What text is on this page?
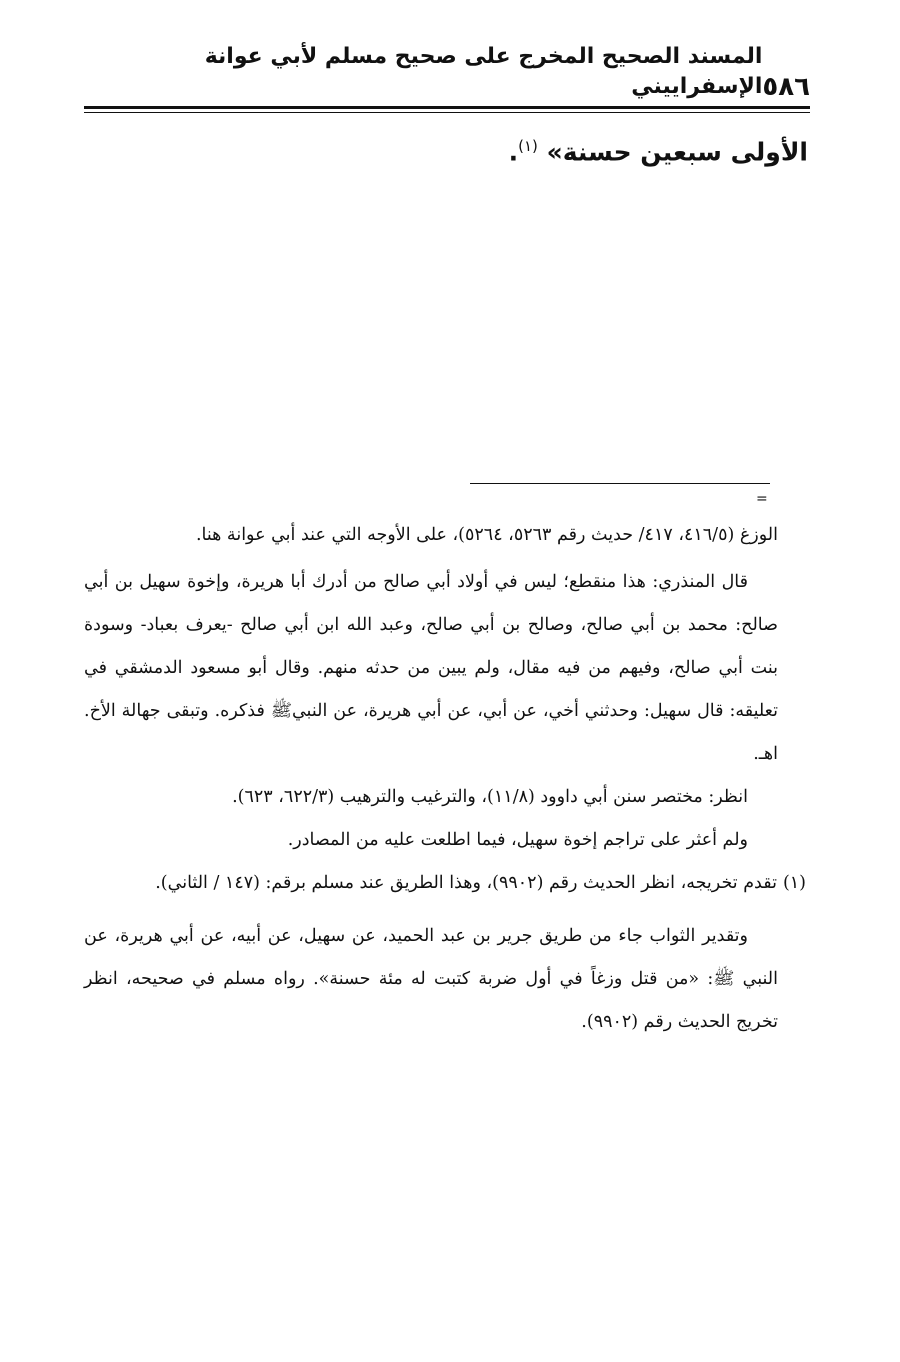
٥٨٦
المسند الصحيح المخرج على صحيح مسلم لأبي عوانة الإسفراييني
الأولى سبعين حسنة» $^{(١)}$.
=

الوزغ (٤١٦/٥، ٤١٧/ حديث رقم ٥٢٦٣، ٥٢٦٤)، على الأوجه التي عند أبي عوانة هنا.

قال المنذري: هذا منقطع؛ ليس في أولاد أبي صالح من أدرك أبا هريرة، وإخوة سهيل بن أبي صالح: محمد بن أبي صالح، وصالح بن أبي صالح، وعبد الله ابن أبي صالح -يعرف بعباد- وسودة بنت أبي صالح، وفيهم من فيه مقال، ولم يبين من حدثه منهم. وقال أبو مسعود الدمشقي في تعليقه: قال سهيل: وحدثني أخي، عن أبي، عن أبي هريرة، عن النبيﷺ فذكره. وتبقى جهالة الأخ. اهـ.

انظر: مختصر سنن أبي داوود (١١/٨)، والترغيب والترهيب (٦٢٢/٣، ٦٢٣).

ولم أعثر على تراجم إخوة سهيل، فيما اطلعت عليه من المصادر.

(١)تقدم تخريجه، انظر الحديث رقم (٩٩٠٢)، وهذا الطريق عند مسلم برقم: (١٤٧ / الثاني).

وتقدير الثواب جاء من طريق جرير بن عبد الحميد، عن سهيل، عن أبيه، عن أبي هريرة، عن النبي ﷺ: «من قتل وزغاً في أول ضربة كتبت له مئة حسنة». رواه مسلم في صحيحه، انظر تخريج الحديث رقم (٩٩٠٢).
